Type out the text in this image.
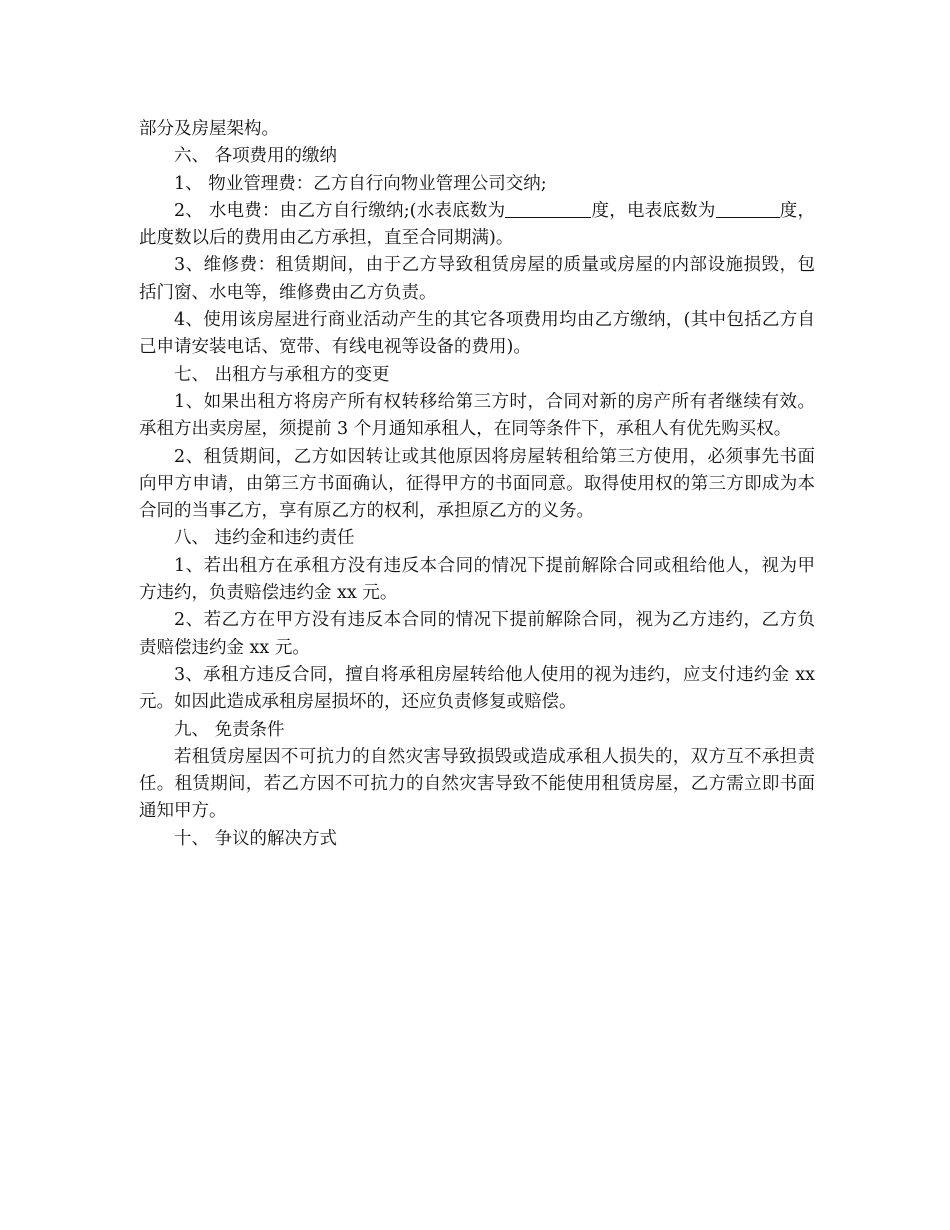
部分及房屋架构。

六、 各项费用的缴纳

1、 物业管理费：乙方自行向物业管理公司交纳;

2、 水电费：由乙方自行缴纳;(水表底数为	度，电表底数为	度，此度数以后的费用由乙方承担，直至合同期满)。

3、维修费：租赁期间，由于乙方导致租赁房屋的质量或房屋的内部设施损毁，包括门窗、水电等，维修费由乙方负责。

4、使用该房屋进行商业活动产生的其它各项费用均由乙方缴纳，(其中包括乙方自己申请安装电话、宽带、有线电视等设备的费用)。

七、 出租方与承租方的变更

1、如果出租方将房产所有权转移给第三方时，合同对新的房产所有者继续有效。承租方出卖房屋，须提前 3 个月通知承租人，在同等条件下，承租人有优先购买权。

2、租赁期间，乙方如因转让或其他原因将房屋转租给第三方使用，必须事先书面向甲方申请，由第三方书面确认，征得甲方的书面同意。取得使用权的第三方即成为本合同的当事乙方，享有原乙方的权利，承担原乙方的义务。

八、 违约金和违约责任

1、若出租方在承租方没有违反本合同的情况下提前解除合同或租给他人，视为甲方违约，负责赔偿违约金 xx 元。

2、若乙方在甲方没有违反本合同的情况下提前解除合同，视为乙方违约，乙方负责赔偿违约金 xx 元。

3、承租方违反合同，擅自将承租房屋转给他人使用的视为违约，应支付违约金 xx 元。如因此造成承租房屋损坏的，还应负责修复或赔偿。

九、 免责条件

若租赁房屋因不可抗力的自然灾害导致损毁或造成承租人损失的，双方互不承担责任。租赁期间，若乙方因不可抗力的自然灾害导致不能使用租赁房屋，乙方需立即书面通知甲方。

十、 争议的解决方式
